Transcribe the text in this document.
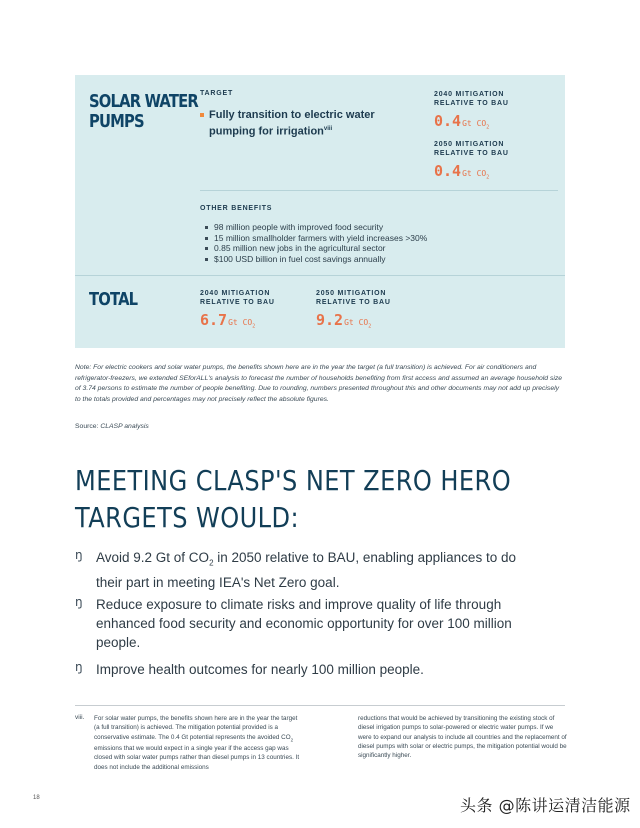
SOLAR WATER
PUMPS
TARGET
Fully transition to electric water
pumping for irrigation$^{viii}$
2040 MITIGATION
RELATIVE TO BAU
0.4Gt $CO_2$
2050 MITIGATION
RELATIVE TO BAU
0.4Gt $CO_2$
OTHER BENEFITS
98 million people with improved food security
15 million smallholder farmers with yield increases >30%
0.85 million new jobs in the agricultural sector
$100 USD billion in fuel cost savings annually
TOTAL	2040 MITIGATION
RELATIVE TO BAU
6.7Gt $CO_2$
2050 MITIGATION
RELATIVE TO BAU
9.2Gt $CO_2$
Note: For electric cookers and solar water pumps, the benefits shown here are in the year the target (a full transition) is achieved. For air conditioners and refrigerator-freezers, we extended SEforALL's analysis to forecast the number of households benefiting from first access and assumed an average household size of 3.74 persons to estimate the number of people benefiting. Due to rounding, numbers presented throughout this and other documents may not add up precisely to the totals provided and percentages may not precisely reflect the absolute figures.
Source: CLASP analysis
MEETING CLASP'S NET ZERO HERO
TARGETS WOULD:
ŋ Avoid 9.2 Gt of $CO_2$ in 2050 relative to BAU, enabling appliances to do their part in meeting IEA's Net Zero goal.
ŋ Reduce exposure to climate risks and improve quality of life through enhanced food security and economic opportunity for over 100 million people.
ŋ Improve health outcomes for nearly 100 million people.
viii. For solar water pumps, the benefits shown here are in the year the target (a full transition) is achieved. The mitigation potential provided is a conservative estimate. The 0.4 Gt potential represents the avoided $CO_2$ emissions that we would expect in a single year if the access gap was closed with solar water pumps rather than diesel pumps in 13 countries. It does not include the additional emissions
reductions that would be achieved by transitioning the existing stock of diesel irrigation pumps to solar-powered or electric water pumps. If we were to expand our analysis to include all countries and the replacement of diesel pumps with solar or electric pumps, the mitigation potential would be significantly higher.
18	头条 @陈讲运清洁能源
